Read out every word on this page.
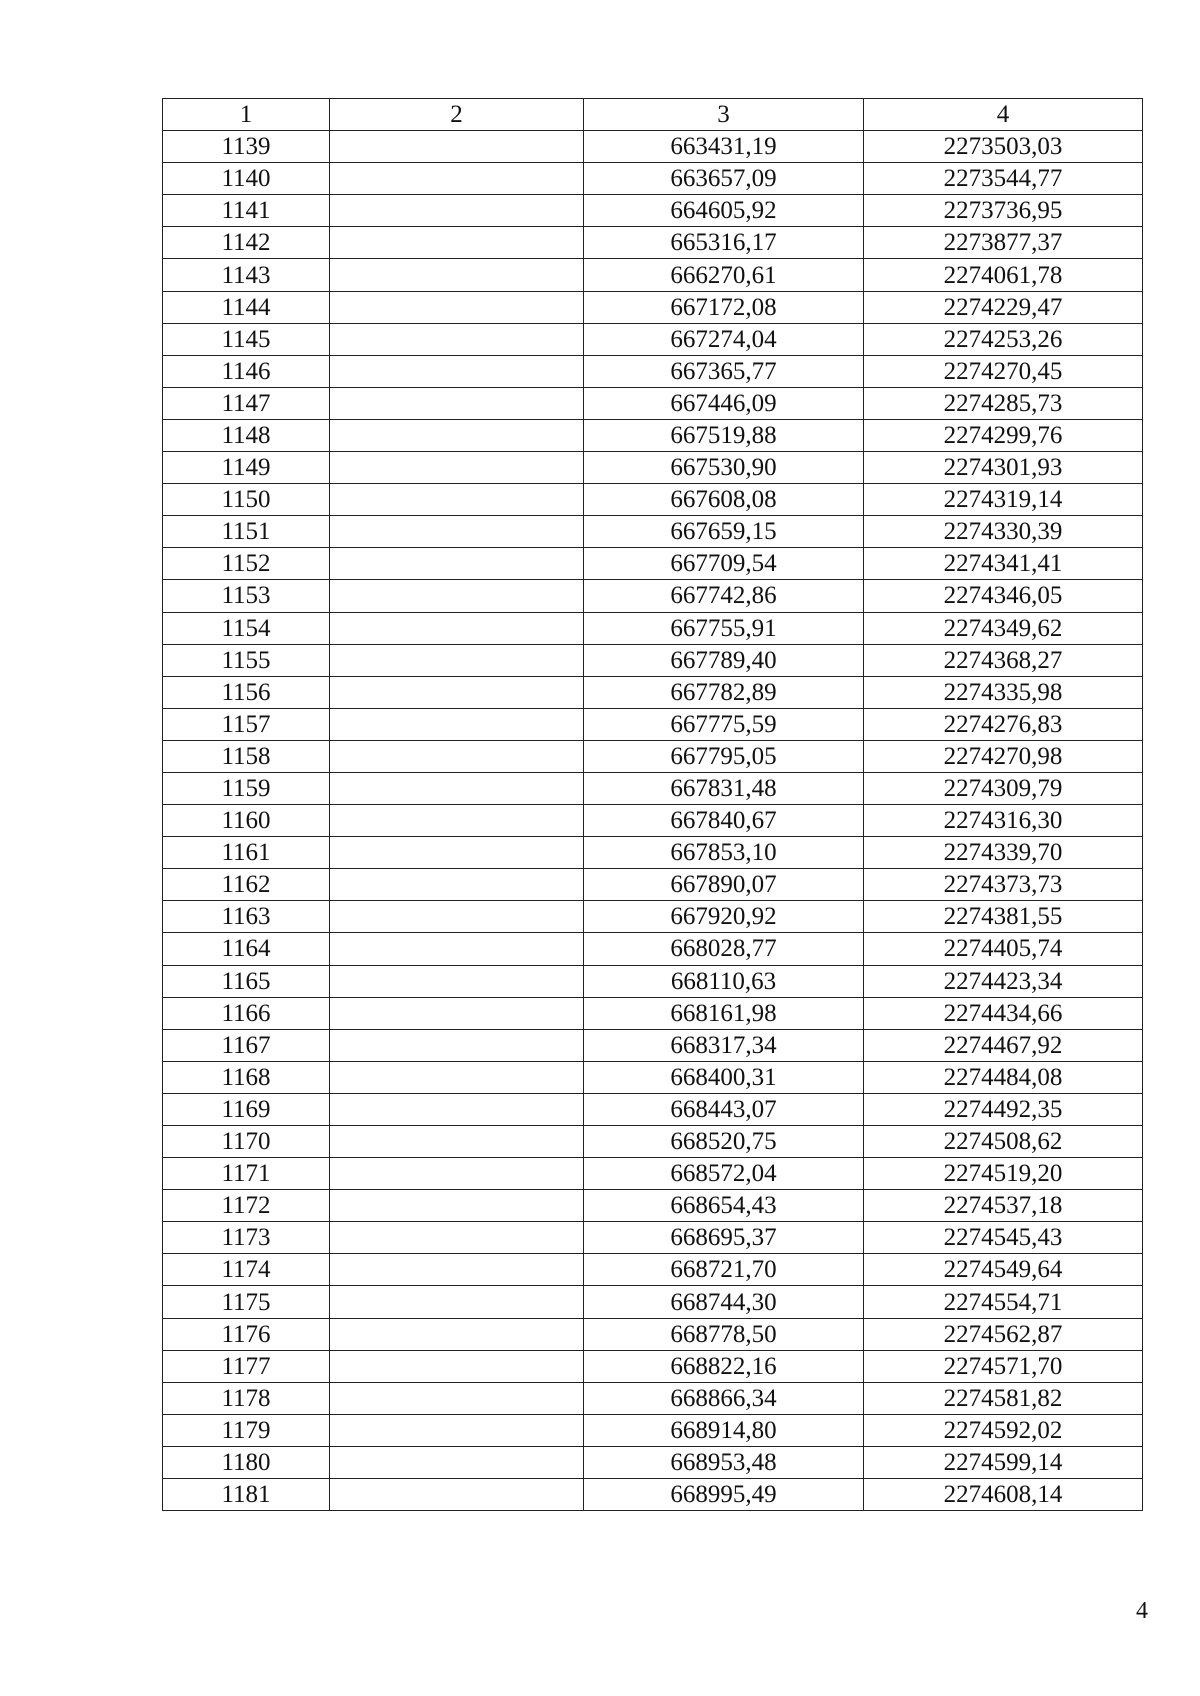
1	2	3	4
1139		663431,19	2273503,03
1140		663657,09	2273544,77
1141		664605,92	2273736,95
1142		665316,17	2273877,37
1143		666270,61	2274061,78
1144		667172,08	2274229,47
1145		667274,04	2274253,26
1146		667365,77	2274270,45
1147		667446,09	2274285,73
1148		667519,88	2274299,76
1149		667530,90	2274301,93
1150		667608,08	2274319,14
1151		667659,15	2274330,39
1152		667709,54	2274341,41
1153		667742,86	2274346,05
1154		667755,91	2274349,62
1155		667789,40	2274368,27
1156		667782,89	2274335,98
1157		667775,59	2274276,83
1158		667795,05	2274270,98
1159		667831,48	2274309,79
1160		667840,67	2274316,30
1161		667853,10	2274339,70
1162		667890,07	2274373,73
1163		667920,92	2274381,55
1164		668028,77	2274405,74
1165		668110,63	2274423,34
1166		668161,98	2274434,66
1167		668317,34	2274467,92
1168		668400,31	2274484,08
1169		668443,07	2274492,35
1170		668520,75	2274508,62
1171		668572,04	2274519,20
1172		668654,43	2274537,18
1173		668695,37	2274545,43
1174		668721,70	2274549,64
1175		668744,30	2274554,71
1176		668778,50	2274562,87
1177		668822,16	2274571,70
1178		668866,34	2274581,82
1179		668914,80	2274592,02
1180		668953,48	2274599,14
1181		668995,49	2274608,14
4
